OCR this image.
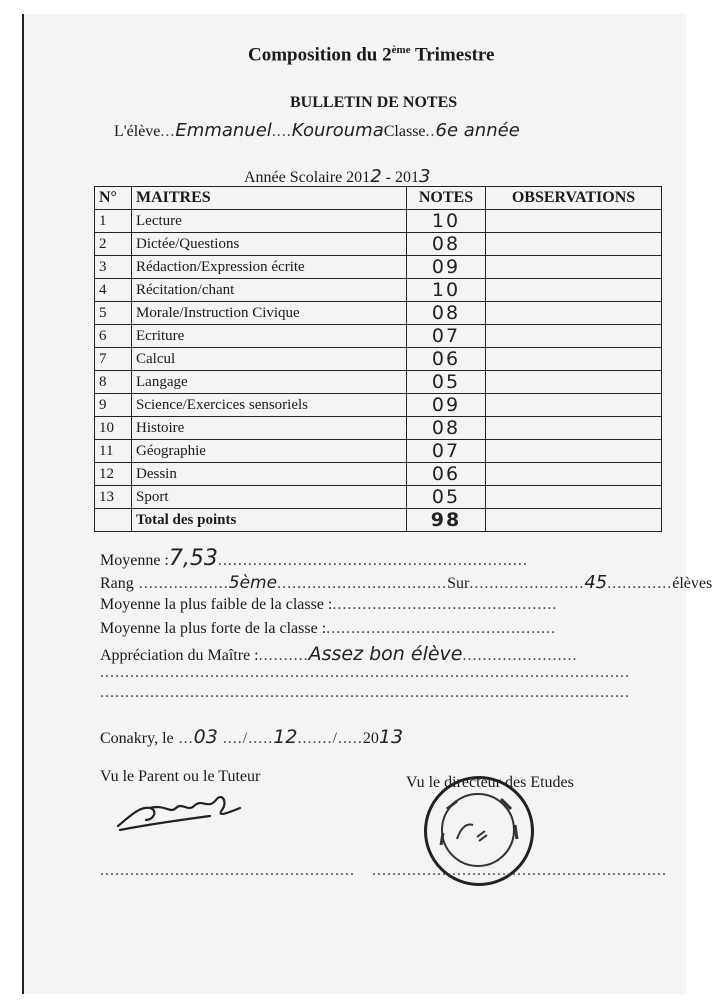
Composition du 2ème Trimestre
BULLETIN DE NOTES
L'élève...Emmanuel....KouroumaClasse..6e année
Année Scolaire 2012 - 2013
N°	MAITRES	NOTES	OBSERVATIONS
1	Lecture	10	
2	Dictée/Questions	08	
3	Rédaction/Expression écrite	09	
4	Récitation/chant	10	
5	Morale/Instruction Civique	08	
6	Ecriture	07	
7	Calcul	06	
8	Langage	05	
9	Science/Exercices sensoriels	09	
10	Histoire	08	
11	Géographie	07	
12	Dessin	06	
13	Sport	05	
	Total des points	98	
Moyenne :7,53..............................................................
Rang ..................5ème..................................Sur.......................45.............élèves
Moyenne la plus faible de la classe :.............................................
Moyenne la plus forte de la classe :..............................................
Appréciation du Maître :..........Assez bon élève.......................
..........................................................................................................
..........................................................................................................
Conakry, le ...03 ..../.....12......./.....2013
Vu le Parent ou le Tuteur	Vu le directeur des Etudes
................................................... ...........................................................
